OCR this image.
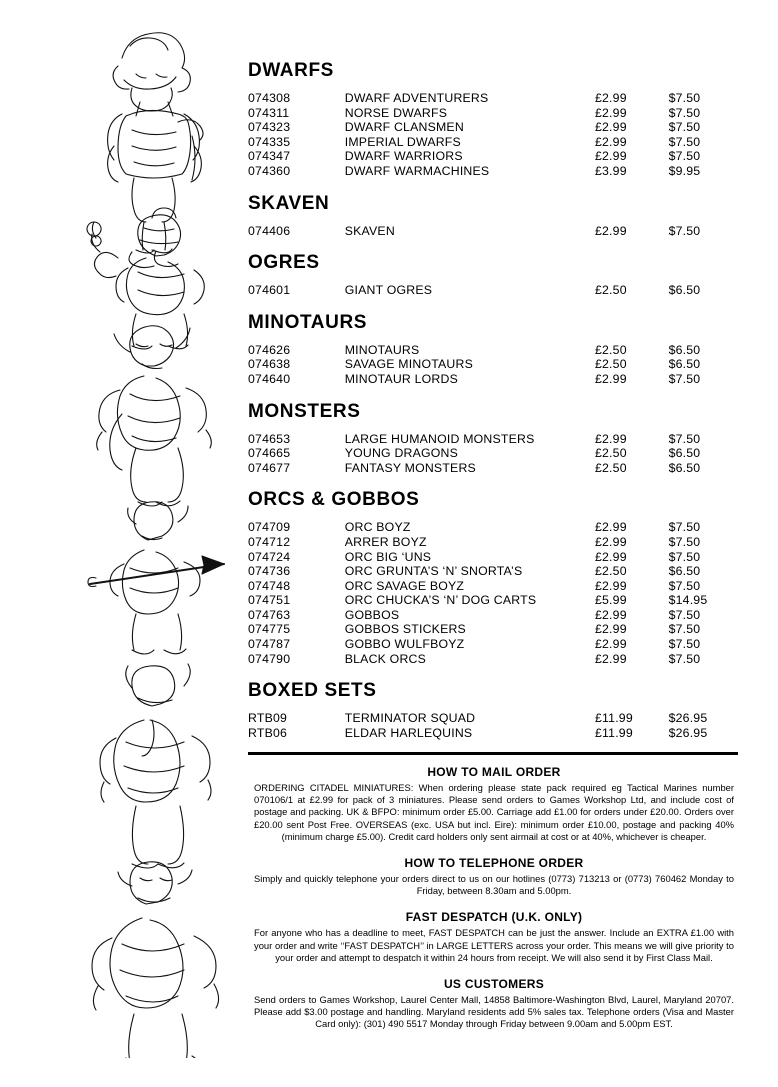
DWARFS
074308	DWARF ADVENTURERS	£2.99	$7.50
074311	NORSE DWARFS	£2.99	$7.50
074323	DWARF CLANSMEN	£2.99	$7.50
074335	IMPERIAL DWARFS	£2.99	$7.50
074347	DWARF WARRIORS	£2.99	$7.50
074360	DWARF WARMACHINES	£3.99	$9.95
SKAVEN
074406	SKAVEN	£2.99	$7.50
OGRES
074601	GIANT OGRES	£2.50	$6.50
MINOTAURS
074626	MINOTAURS	£2.50	$6.50
074638	SAVAGE MINOTAURS	£2.50	$6.50
074640	MINOTAUR LORDS	£2.99	$7.50
MONSTERS
074653	LARGE HUMANOID MONSTERS	£2.99	$7.50
074665	YOUNG DRAGONS	£2.50	$6.50
074677	FANTASY MONSTERS	£2.50	$6.50
ORCS & GOBBOS
074709	ORC BOYZ	£2.99	$7.50
074712	ARRER BOYZ	£2.99	$7.50
074724	ORC BIG ‘UNS	£2.99	$7.50
074736	ORC GRUNTA’S ‘N’ SNORTA’S	£2.50	$6.50
074748	ORC SAVAGE BOYZ	£2.99	$7.50
074751	ORC CHUCKA’S ‘N’ DOG CARTS	£5.99	$14.95
074763	GOBBOS	£2.99	$7.50
074775	GOBBOS STICKERS	£2.99	$7.50
074787	GOBBO WULFBOYZ	£2.99	$7.50
074790	BLACK ORCS	£2.99	$7.50
BOXED SETS
RTB09	TERMINATOR SQUAD	£11.99	$26.95
RTB06	ELDAR HARLEQUINS	£11.99	$26.95
HOW TO MAIL ORDER
ORDERING CITADEL MINIATURES: When ordering please state pack required eg Tactical Marines number 070106/1 at £2.99 for pack of 3 miniatures. Please send orders to Games Workshop Ltd, and include cost of postage and packing. UK & BFPO: minimum order £5.00. Carriage add £1.00 for orders under £20.00. Orders over £20.00 sent Post Free. OVERSEAS (exc. USA but incl. Eire): minimum order £10.00, postage and packing 40% (minimum charge £5.00). Credit card holders only sent airmail at cost or at 40%, whichever is cheaper.
HOW TO TELEPHONE ORDER
Simply and quickly telephone your orders direct to us on our hotlines (0773) 713213 or (0773) 760462 Monday to Friday, between 8.30am and 5.00pm.
FAST DESPATCH (U.K. ONLY)
For anyone who has a deadline to meet, FAST DESPATCH can be just the answer. Include an EXTRA £1.00 with your order and write ‘‘FAST DESPATCH’’ in LARGE LETTERS across your order. This means we will give priority to your order and attempt to despatch it within 24 hours from receipt. We will also send it by First Class Mail.
US CUSTOMERS
Send orders to Games Workshop, Laurel Center Mall, 14858 Baltimore-Washington Blvd, Laurel, Maryland 20707. Please add $3.00 postage and handling. Maryland residents add 5% sales tax. Telephone orders (Visa and Master Card only): (301) 490 5517 Monday through Friday between 9.00am and 5.00pm EST.
